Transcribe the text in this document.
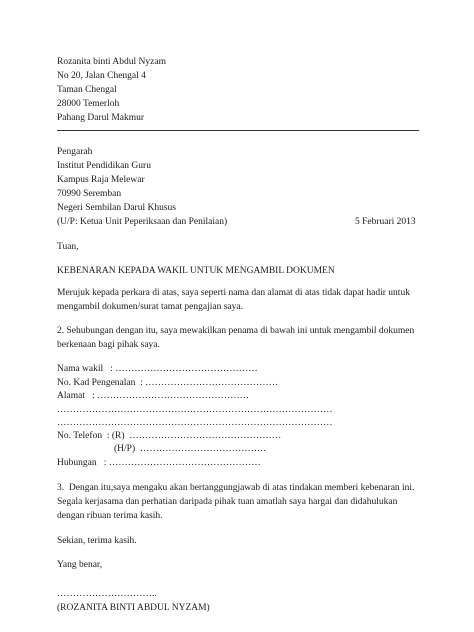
Rozanita binti Abdul Nyzam

No 20, Jalan Chengal 4

Taman Chengal

28000 Temerloh

Pahang Darul Makmur

Pengarah

Institut Pendidikan Guru

Kampus Raja Melewar

70990 Seremban

Negeri Sembilan Darul Khusus

(U/P: Ketua Unit Peperiksaan dan Penilaian)	5 Februari 2013

Tuan,

KEBENARAN KEPADA WAKIL UNTUK MENGAMBIL DOKUMEN

Merujuk kepada perkara di atas, saya seperti nama dan alamat di atas tidak dapat hadir untuk

mengambil dokumen/surat tamat pengajian saya.

2. Sehubungan dengan itu, saya mewakilkan penama di bawah ini untuk mengambil dokumen

berkenaan bagi pihak saya.

Nama wakil   : ………………………………………

No. Kad Pengenalan  : ……………………………………

Alamat   : …………………………………………

……………………………………………………………………………

……………………………………………………………………………

No. Telefon  : (R)  …………………………………………

(H/P)  ………………………………….

Hubungan   : …………………………………………

3.  Dengan itu,saya mengaku akan bertanggungjawab di atas tindakan memberi kebenaran ini.

Segala kerjasama dan perhatian daripada pihak tuan amatlah saya hargai dan didahulukan

dengan ribuan terima kasih.

Sekian, terima kasih.

Yang benar,

…………………………..

(ROZANITA BINTI ABDUL NYZAM)
